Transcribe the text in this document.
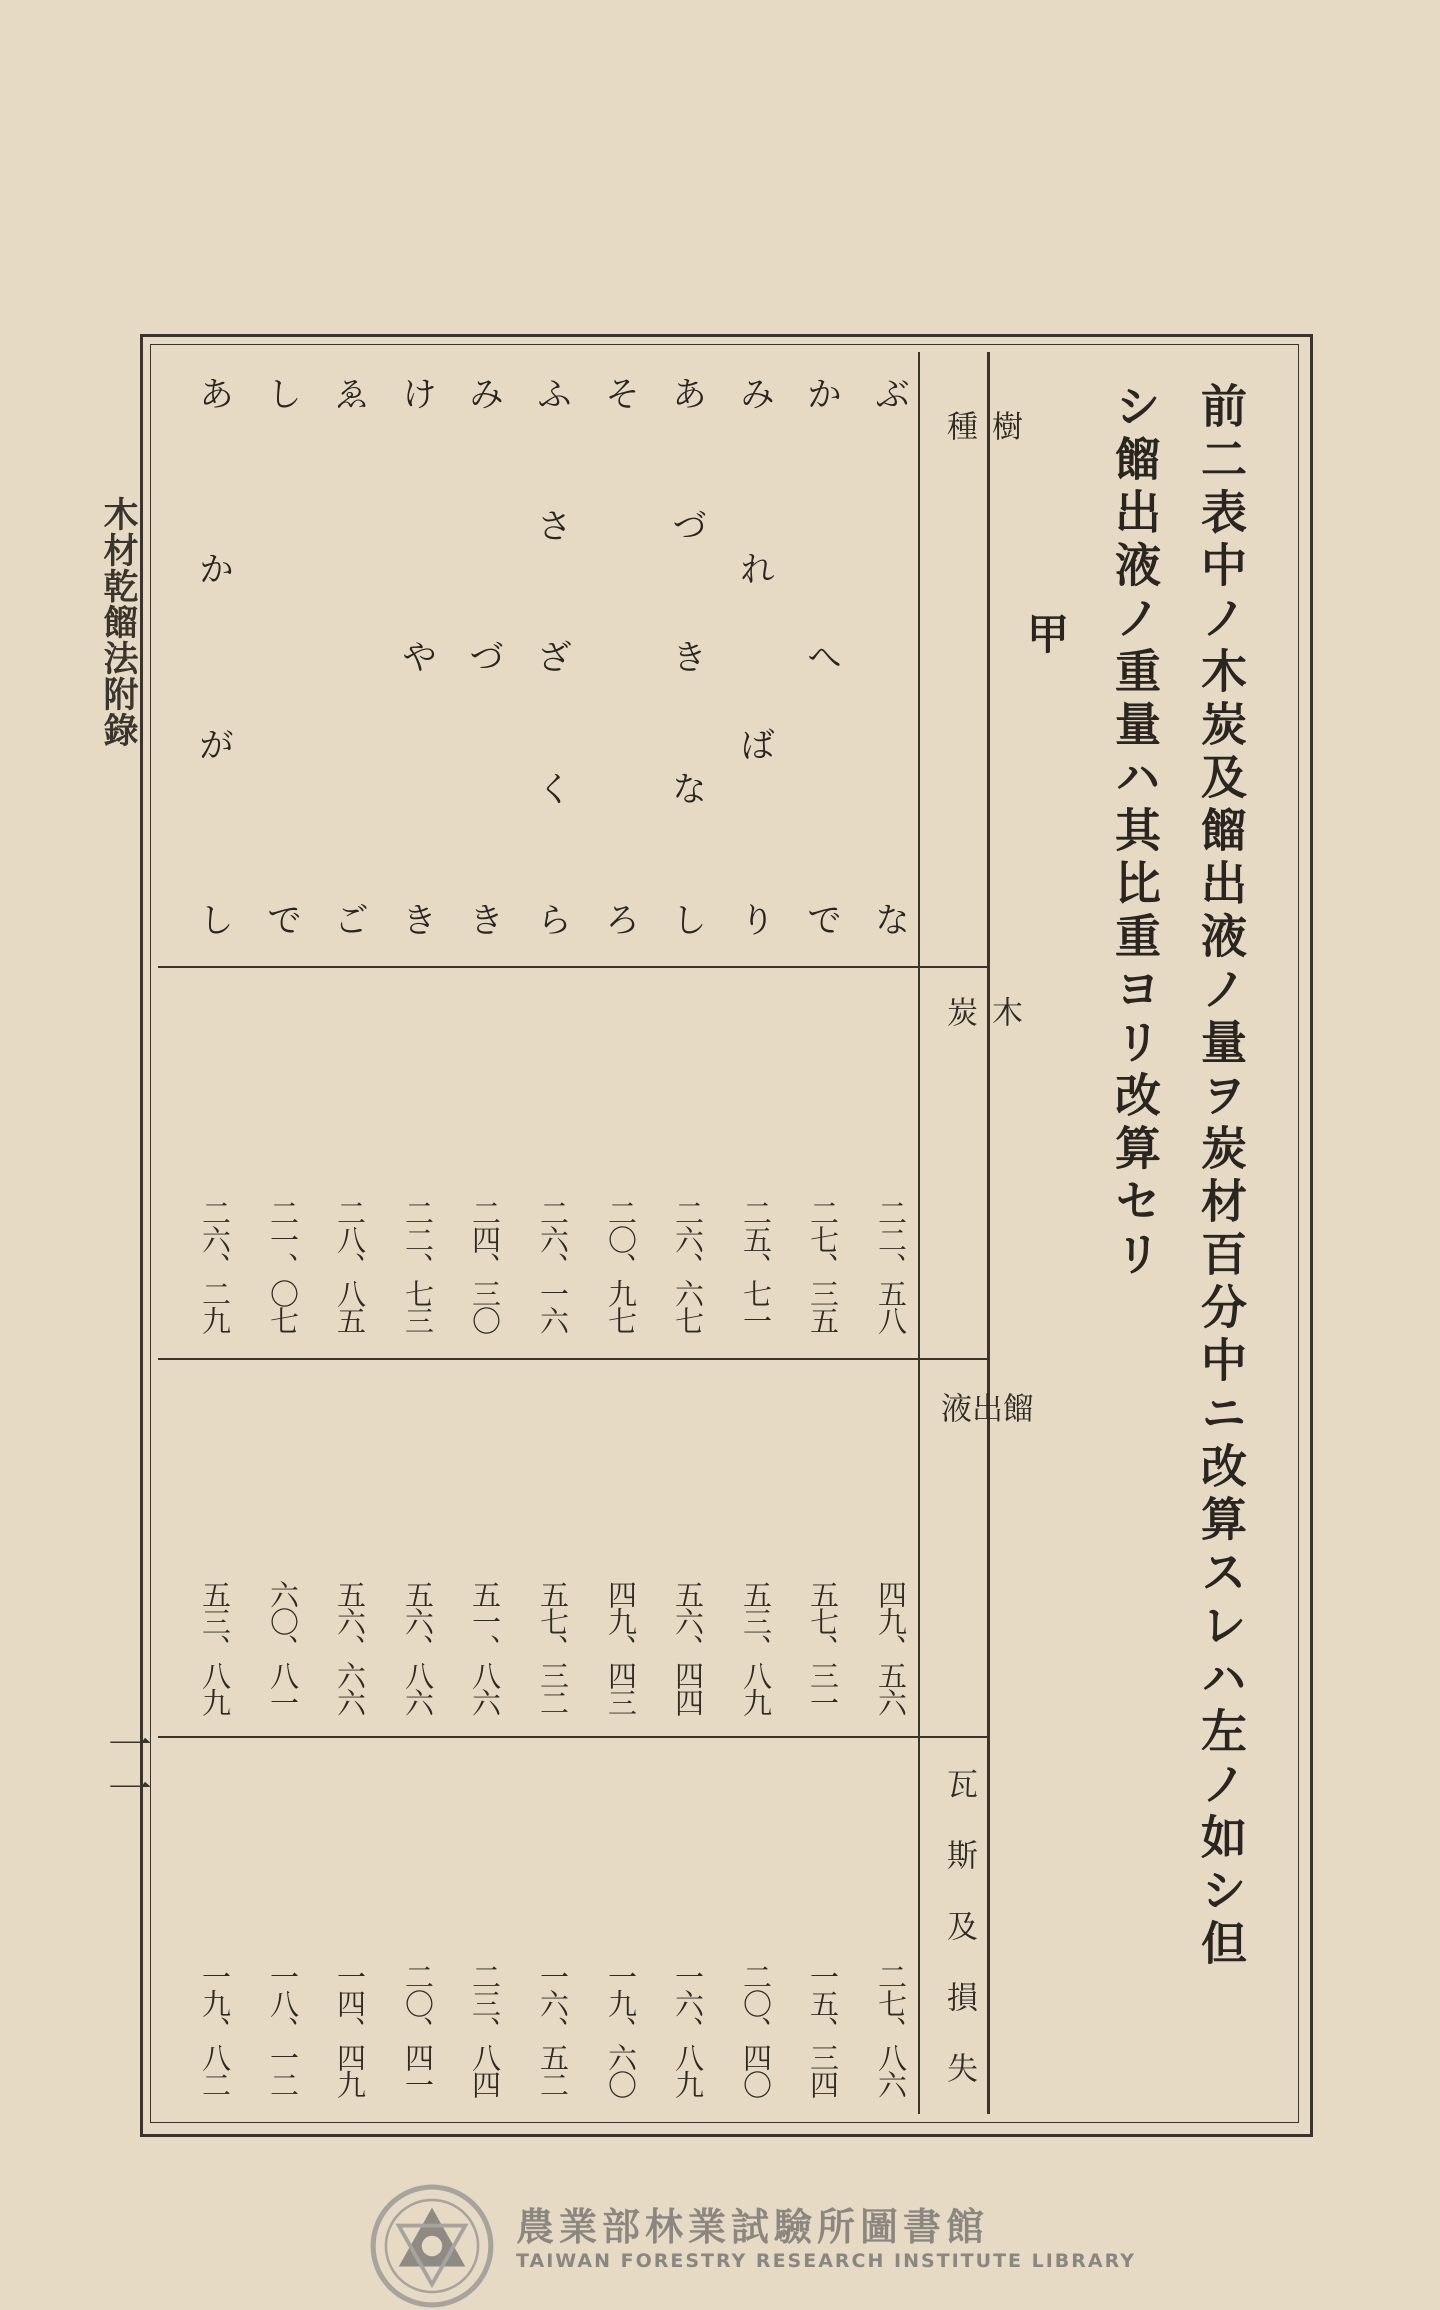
木材乾餾法附錄
一一	前二表中ノ木炭及餾出液ノ量ヲ炭材百分中ニ改算スレハ左ノ如シ但
シ餾出液ノ重量ハ其比重ヨリ改算セリ
甲
樹
種
木
炭
餾
出
液
瓦斯及損失
ぶ
な
二二、五八
四九、五六
二七、八六
か
へ
で
二七、三五
五七、三一
一五、三四
み
れ
ば
り
二五、七一
五三、八九
二〇、四〇
あ
づ
き
な
し
二六、六七
五六、四四
一六、八九
そ
ろ
二〇、九七
四九、四三
一九、六〇
ふ
さ
ざ
く
ら
二六、一六
五七、三二
一六、五二
み
づ
き
二四、三〇
五一、八六
二三、八四
け
や
き
二二、七三
五六、八六
二〇、四一
ゑ
ご
二八、八五
五六、六六
一四、四九
し
で
二一、〇七
六〇、八一
一八、一二
あ
か
が
し
二六、二九
五三、八九
一九、八二
農業部林業試驗所圖書館
TAIWAN FORESTRY RESEARCH INSTITUTE LIBRARY
